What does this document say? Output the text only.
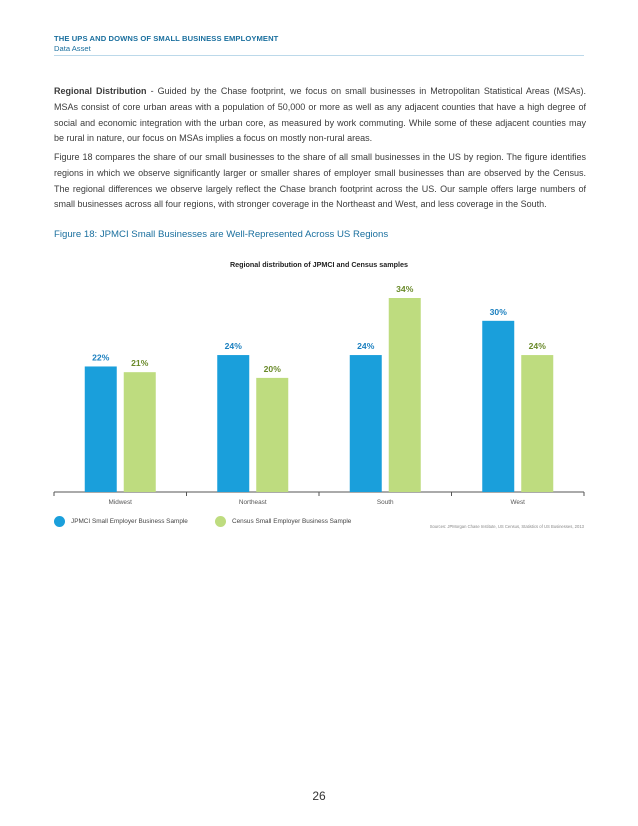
THE UPS AND DOWNS OF SMALL BUSINESS EMPLOYMENT
Data Asset
Regional Distribution - Guided by the Chase footprint, we focus on small businesses in Metropolitan Statistical Areas (MSAs). MSAs consist of core urban areas with a population of 50,000 or more as well as any adjacent counties that have a high degree of social and economic integration with the urban core, as measured by work commuting. While some of these adjacent counties may be rural in nature, our focus on MSAs implies a focus on mostly non-rural areas.
Figure 18 compares the share of our small businesses to the share of all small businesses in the US by region. The figure identifies regions in which we observe significantly larger or smaller shares of employer small businesses than are observed by the Census. The regional differences we observe largely reflect the Chase branch footprint across the US. Our sample offers large numbers of small businesses across all four regions, with stronger coverage in the Northeast and West, and less coverage in the South.
Figure 18: JPMCI Small Businesses are Well-Represented Across US Regions
Regional distribution of JPMCI and Census samples
22%
21%
Midwest
24%
20%
Northeast
24%
34%
South
30%
24%
West
JPMCI Small Employer Business Sample	Census Small Employer Business Sample
Sources: JPMorgan Chase Institute, US Census, Statistics of US Businesses, 2013
26
